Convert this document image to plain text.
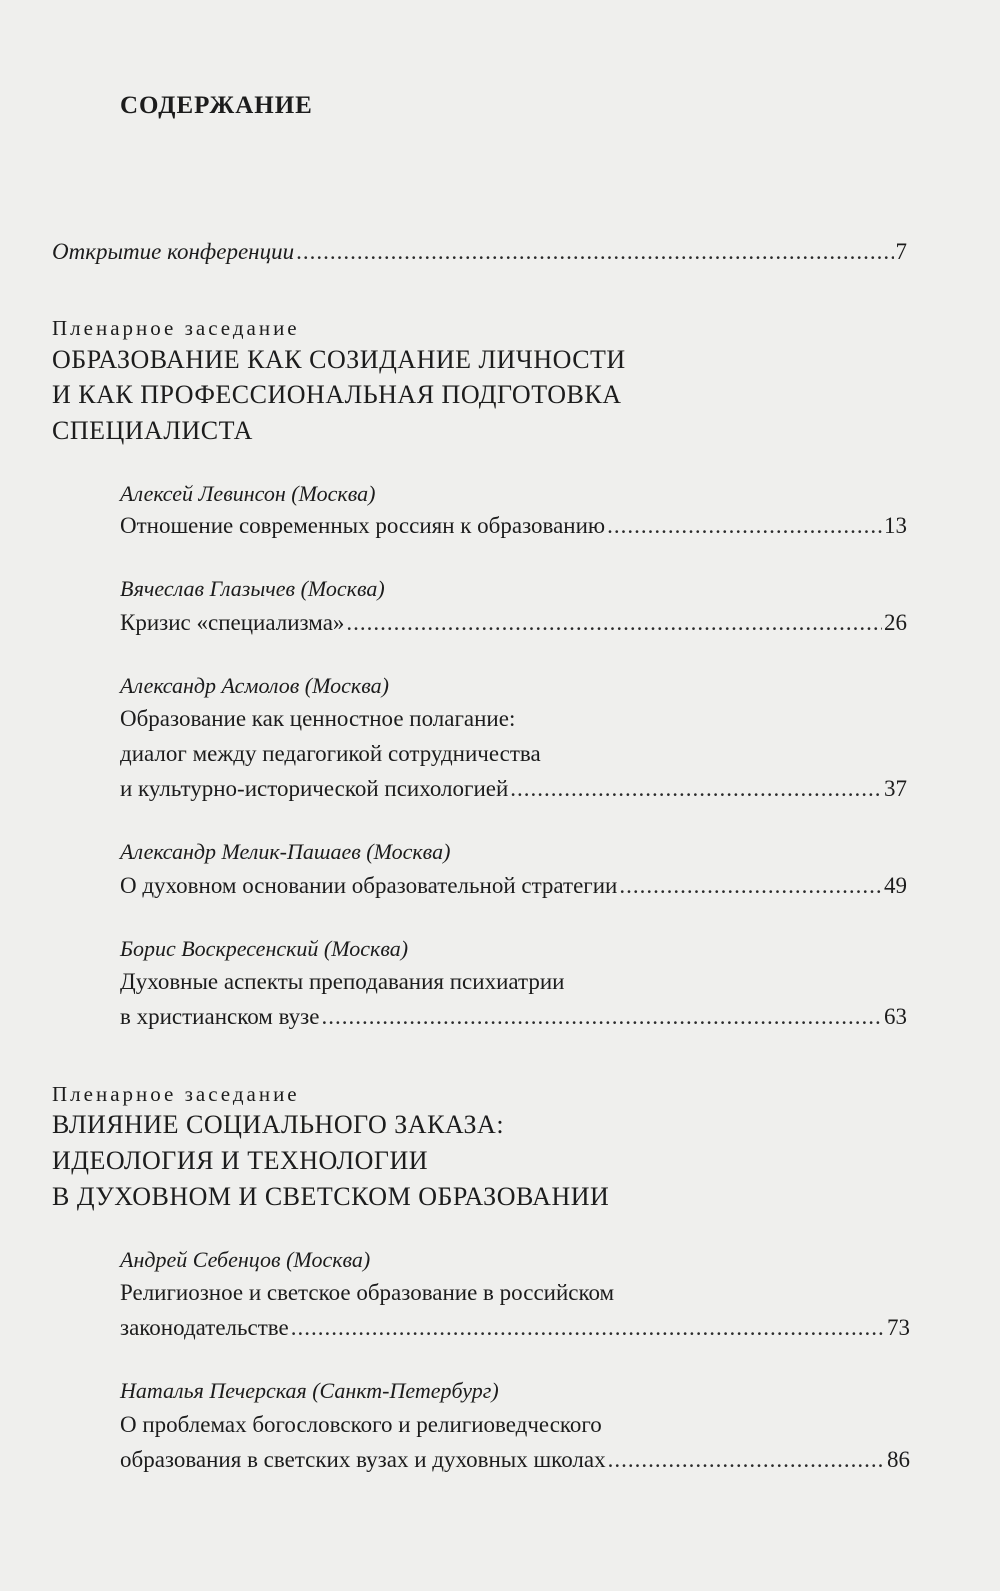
СОДЕРЖАНИЕ
Открытие конференции .....	7
Пленарное заседание
ОБРАЗОВАНИЕ КАК СОЗИДАНИЕ ЛИЧНОСТИ
И КАК ПРОФЕССИОНАЛЬНАЯ ПОДГОТОВКА
СПЕЦИАЛИСТА
Алексей Левинсон (Москва)
Отношение современных россиян к образованию .....	13
Вячеслав Глазычев (Москва)
Кризис «специализма» .....	26
Александр Асмолов (Москва)
Образование как ценностное полагание:
диалог между педагогикой сотрудничества
и культурно-исторической психологией .....	37
Александр Мелик-Пашаев (Москва)
О духовном основании образовательной стратегии .....	49
Борис Воскресенский (Москва)
Духовные аспекты преподавания психиатрии
в христианском вузе .....	63
Пленарное заседание
ВЛИЯНИЕ СОЦИАЛЬНОГО ЗАКАЗА:
ИДЕОЛОГИЯ И ТЕХНОЛОГИИ
В ДУХОВНОМ И СВЕТСКОМ ОБРАЗОВАНИИ
Андрей Себенцов (Москва)
Религиозное и светское образование в российском
законодательстве .....	73
Наталья Печерская (Санкт-Петербург)
О проблемах богословского и религиоведческого
образования в светских вузах и духовных школах .....	86
